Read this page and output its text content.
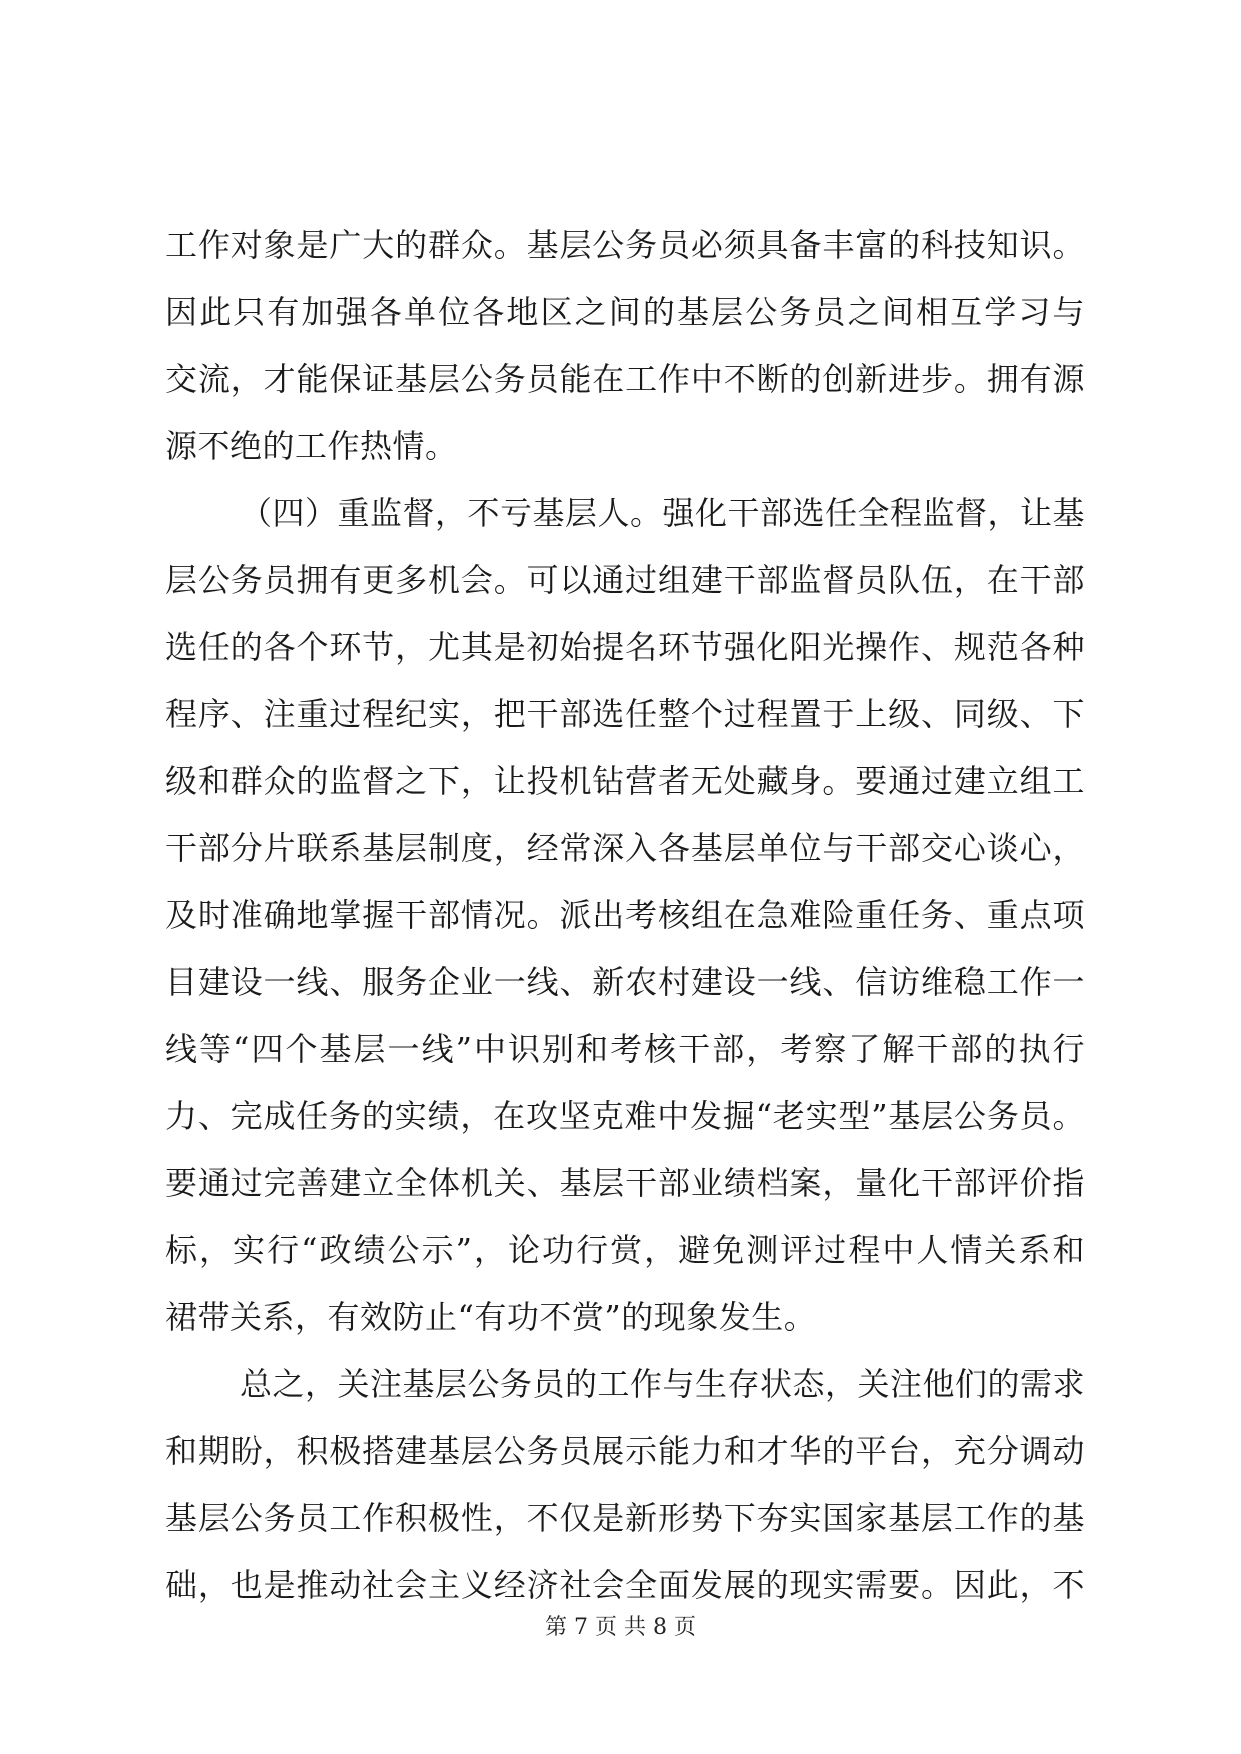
工作对象是广大的群众。基层公务员必须具备丰富的科技知识。
因此只有加强各单位各地区之间的基层公务员之间相互学习与
交流，才能保证基层公务员能在工作中不断的创新进步。拥有源
源不绝的工作热情。
（四）重监督，不亏基层人。强化干部选任全程监督，让基
层公务员拥有更多机会。可以通过组建干部监督员队伍，在干部
选任的各个环节，尤其是初始提名环节强化阳光操作、规范各种
程序、注重过程纪实，把干部选任整个过程置于上级、同级、下
级和群众的监督之下，让投机钻营者无处藏身。要通过建立组工
干部分片联系基层制度，经常深入各基层单位与干部交心谈心，
及时准确地掌握干部情况。派出考核组在急难险重任务、重点项
目建设一线、服务企业一线、新农村建设一线、信访维稳工作一
线等“四个基层一线”中识别和考核干部，考察了解干部的执行
力、完成任务的实绩，在攻坚克难中发掘“老实型”基层公务员。
要通过完善建立全体机关、基层干部业绩档案，量化干部评价指
标，实行“政绩公示”，论功行赏，避免测评过程中人情关系和
裙带关系，有效防止“有功不赏”的现象发生。
总之，关注基层公务员的工作与生存状态，关注他们的需求
和期盼，积极搭建基层公务员展示能力和才华的平台，充分调动
基层公务员工作积极性，不仅是新形势下夯实国家基层工作的基
础，也是推动社会主义经济社会全面发展的现实需要。因此，不
第 7 页 共 8 页
